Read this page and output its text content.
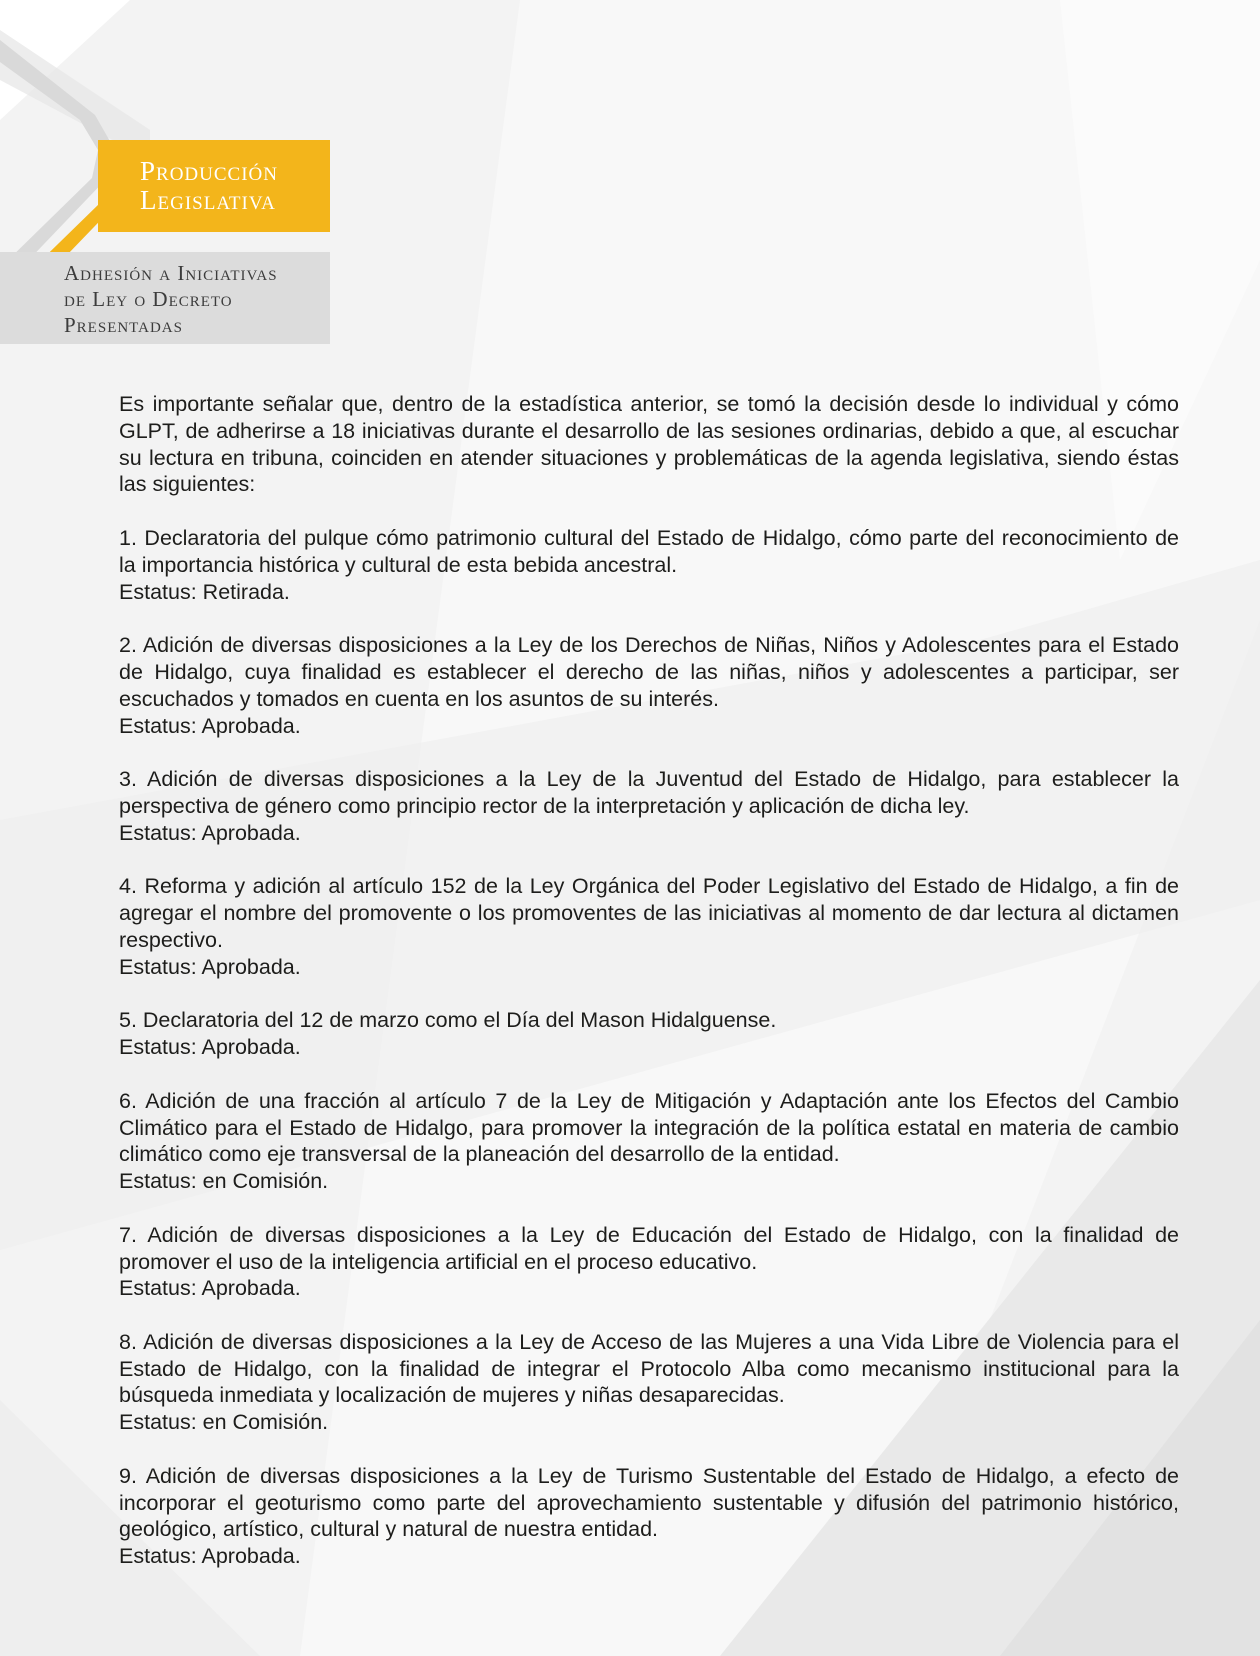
Producción
Legislativa
Adhesión a Iniciativas
de Ley o Decreto
Presentadas

Es importante señalar que, dentro de la estadística anterior, se tomó la decisión desde lo individual y cómo GLPT, de adherirse a 18 iniciativas durante el desarrollo de las sesiones ordinarias, debido a que, al escuchar su lectura en tribuna, coinciden en atender situaciones y problemáticas de la agenda legislativa, siendo éstas las siguientes:

1. Declaratoria del pulque cómo patrimonio cultural del Estado de Hidalgo, cómo parte del reconocimiento de la importancia histórica y cultural de esta bebida ancestral.

Estatus: Retirada.

2. Adición de diversas disposiciones a la Ley de los Derechos de Niñas, Niños y Adolescentes para el Estado de Hidalgo, cuya finalidad es establecer el derecho de las niñas, niños y adolescentes a participar, ser escuchados y tomados en cuenta en los asuntos de su interés.

Estatus: Aprobada.

3. Adición de diversas disposiciones a la Ley de la Juventud del Estado de Hidalgo, para establecer la perspectiva de género como principio rector de la interpretación y aplicación de dicha ley.

Estatus: Aprobada.

4. Reforma y adición al artículo 152 de la Ley Orgánica del Poder Legislativo del Estado de Hidalgo, a fin de agregar el nombre del promovente o los promoventes de las iniciativas al momento de dar lectura al dictamen respectivo.

Estatus: Aprobada.

5. Declaratoria del 12 de marzo como el Día del Mason Hidalguense.

Estatus: Aprobada.

6. Adición de una fracción al artículo 7 de la Ley de Mitigación y Adaptación ante los Efectos del Cambio Climático para el Estado de Hidalgo, para promover la integración de la política estatal en materia de cambio climático como eje transversal de la planeación del desarrollo de la entidad.

Estatus: en Comisión.

7. Adición de diversas disposiciones a la Ley de Educación del Estado de Hidalgo, con la finalidad de promover el uso de la inteligencia artificial en el proceso educativo.

Estatus: Aprobada.

8. Adición de diversas disposiciones a la Ley de Acceso de las Mujeres a una Vida Libre de Violencia para el Estado de Hidalgo, con la finalidad de integrar el Protocolo Alba como mecanismo institucional para la búsqueda inmediata y localización de mujeres y niñas desaparecidas.

Estatus: en Comisión.

9. Adición de diversas disposiciones a la Ley de Turismo Sustentable del Estado de Hidalgo, a efecto de incorporar el geoturismo como parte del aprovechamiento sustentable y difusión del patrimonio histórico, geológico, artístico, cultural y natural de nuestra entidad.

Estatus: Aprobada.
